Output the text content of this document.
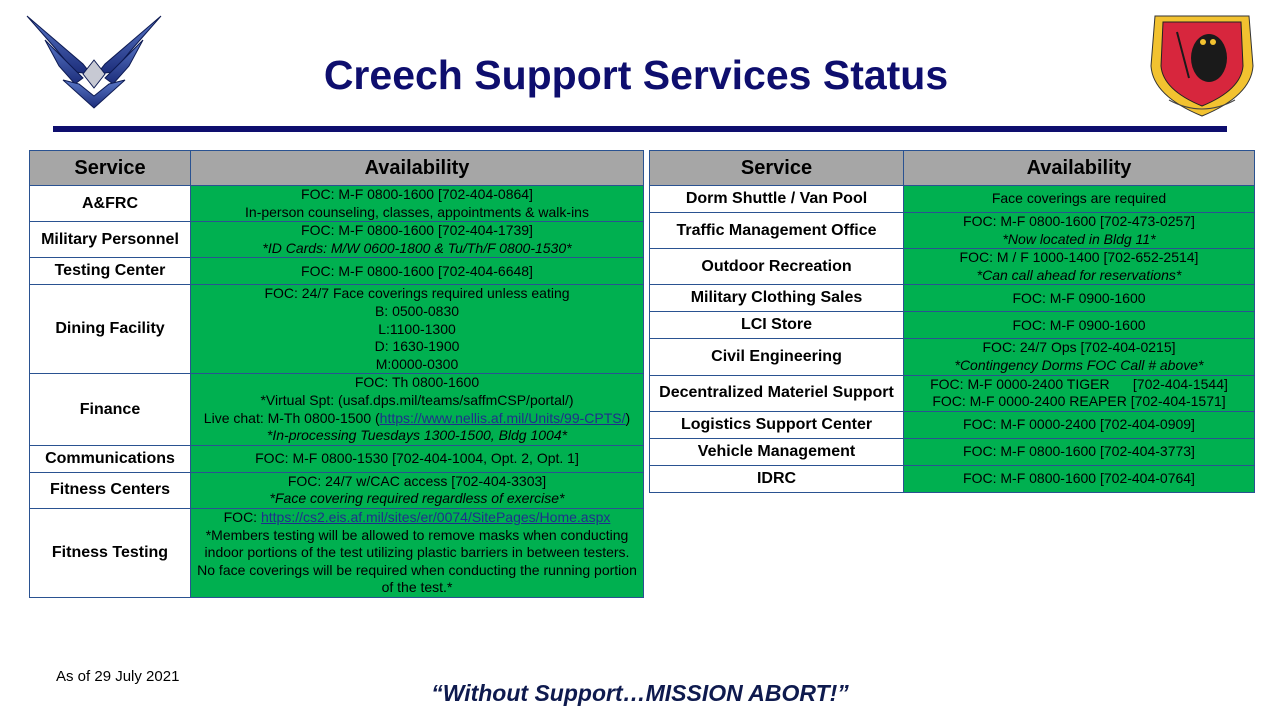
Creech Support Services Status
Service	Availability
A&FRC	FOC: M-F 0800-1600 [702-404-0864]
In-person counseling, classes, appointments & walk-ins

Military Personnel	FOC: M-F 0800-1600 [702-404-1739]
*ID Cards: M/W 0600-1800 & Tu/Th/F 0800-1530*

Testing Center	FOC: M-F 0800-1600 [702-404-6648]

Dining Facility	FOC: 24/7 Face coverings required unless eating
B: 0500-0830
L:1100-1300
D: 1630-1900
M:0000-0300

Finance	FOC: Th 0800-1600
*Virtual Spt: (usaf.dps.mil/teams/saffmCSP/portal/)
Live chat: M-Th 0800-1500 (https://www.nellis.af.mil/Units/99-CPTS/)
*In-processing Tuesdays 1300-1500, Bldg 1004*

Communications	FOC: M-F 0800-1530 [702-404-1004, Opt. 2, Opt. 1]

Fitness Centers	FOC: 24/7 w/CAC access [702-404-3303]
*Face covering required regardless of exercise*

Fitness Testing	FOC: https://cs2.eis.af.mil/sites/er/0074/SitePages/Home.aspx
*Members testing will be allowed to remove masks when conducting indoor portions of the test utilizing plastic barriers in between testers. No face coverings will be required when conducting the running portion of the test.*
Service	Availability
Dorm Shuttle / Van Pool	Face coverings are required

Traffic Management Office	FOC: M-F 0800-1600 [702-473-0257]
*Now located in Bldg 11*

Outdoor Recreation	FOC: M / F 1000-1400 [702-652-2514]
*Can call ahead for reservations*

Military Clothing Sales	FOC: M-F 0900-1600

LCI Store	FOC: M-F 0900-1600

Civil Engineering	FOC: 24/7 Ops [702-404-0215]
*Contingency Dorms FOC Call # above*

Decentralized Materiel Support	FOC: M-F 0000-2400 TIGER      [702-404-1544]
FOC: M-F 0000-2400 REAPER [702-404-1571]

Logistics Support Center	FOC: M-F 0000-2400 [702-404-0909]

Vehicle Management	FOC: M-F 0800-1600 [702-404-3773]

IDRC	FOC: M-F 0800-1600 [702-404-0764]
As of 29 July 2021
“Without Support…MISSION ABORT!”
